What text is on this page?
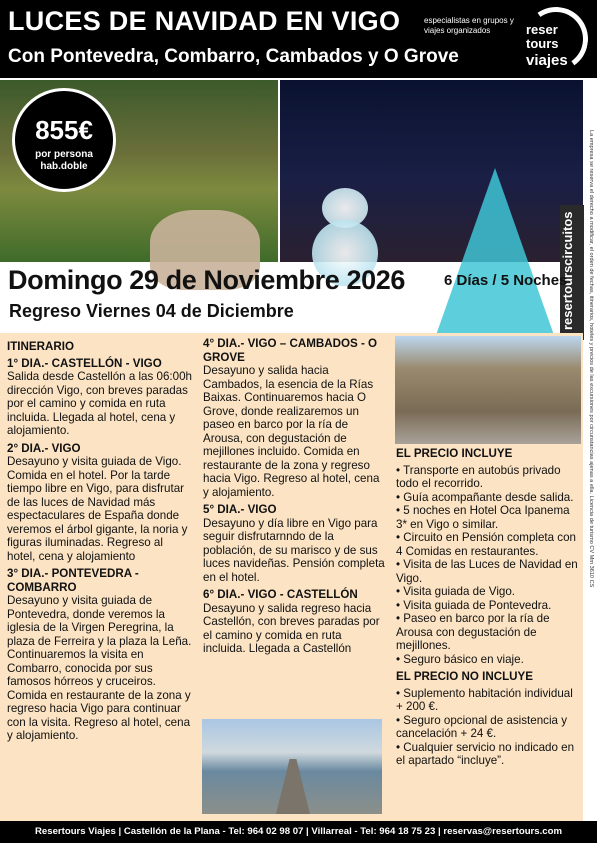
LUCES DE NAVIDAD EN VIGO
Con Pontevedra, Combarro, Cambados y O Grove
especialistas en grupos y viajes organizados	reser
tours
viajes
resertourscircuitos
855€
por persona
hab.doble
Domingo 29 de Noviembre 2026	6 Días / 5 Noches
Regreso Viernes 04 de Diciembre

ITINERARIO

1° DIA.- CASTELLÓN - VIGO

Salida desde Castellón a las 06:00h dirección Vigo, con breves paradas por el camino y comida en ruta incluida. Llegada al hotel, cena y alojamiento.

2° DIA.- VIGO

Desayuno y visita guiada de Vigo. Comida en el hotel. Por la tarde tiempo libre en Vigo, para disfrutar de las luces de Navidad más espectaculares de España donde veremos el árbol gigante, la noria y figuras iluminadas. Regreso al hotel, cena y alojamiento

3° DIA.- PONTEVEDRA - COMBARRO

Desayuno y visita guiada de Pontevedra, donde veremos la iglesia de la Virgen Peregrina, la plaza de Ferreira y la plaza la Leña. Continuaremos la visita en Combarro, conocida por sus famosos hórreos y cruceiros. Comida en restaurante de la zona y regreso hacia Vigo para continuar con la visita. Regreso al hotel, cena y alojamiento.

4° DIA.- VIGO – CAMBADOS - O GROVE

Desayuno y salida hacia Cambados, la esencia de la Rías Baixas. Continuaremos hacia O Grove, donde realizaremos un paseo en barco por la ría de Arousa, con degustación de mejillones incluido. Comida en restaurante de la zona y regreso hacia Vigo. Regreso al hotel, cena y alojamiento.

5° DIA.- VIGO

Desayuno y día libre en Vigo para seguir disfrutarnndo de la población, de su marisco y de sus luces navideñas. Pensión completa en el hotel.

6° DIA.- VIGO - CASTELLÓN

Desayuno y salida regreso hacia Castellón, con breves paradas por el camino y comida en ruta incluida. Llegada a Castellón

EL PRECIO INCLUYE

• Transporte en autobús privado todo el recorrido.

• Guía acompañante desde salida.

• 5 noches en Hotel Oca Ipanema 3* en Vigo o similar.

• Circuito en Pensión completa con 4 Comidas en restaurantes.

• Visita de las Luces de Navidad en Vigo.

• Visita guiada de Vigo.

• Visita guiada de Pontevedra.

• Paseo en barco por la ría de Arousa con degustación de mejillones.

• Seguro básico en viaje.

EL PRECIO NO INCLUYE

• Suplemento habitación individual + 200 €.

• Seguro opcional de asistencia y cancelación + 24 €.

• Cualquier servicio no indicado en el apartado “incluye”.

La empresa se reserva el derecho a modificar, el orden de fechas, itinerarios, hoteles y precios de las excursiones por circunstancias ajenas a ella. Licencia de turismo CV Mm 3610 CS
Resertours Viajes | Castellón de la Plana - Tel: 964 02 98 07 | Villarreal - Tel: 964 18 75 23 | reservas@resertours.com
